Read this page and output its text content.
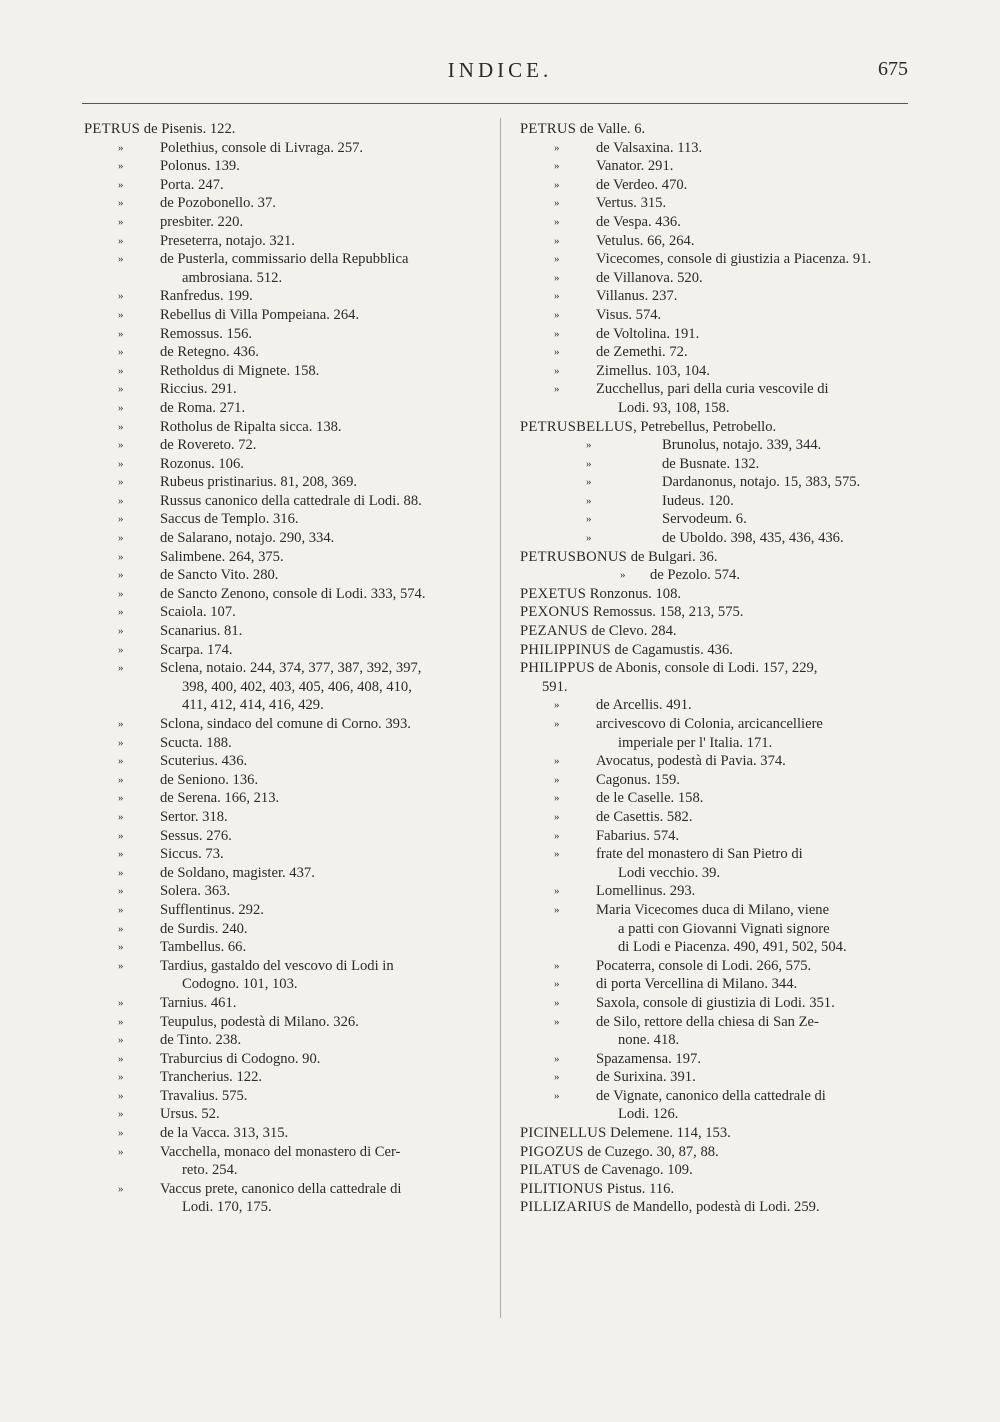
INDICE.	675
PETRUS de Pisenis. 122.
»	Polethius, console di Livraga. 257.
»	Polonus. 139.
»	Porta. 247.
»	de Pozobonello. 37.
»	presbiter. 220.
»	Preseterra, notajo. 321.
»	de Pusterla, commissario della Repubblica
ambrosiana. 512.
»	Ranfredus. 199.
»	Rebellus di Villa Pompeiana. 264.
»	Remossus. 156.
»	de Retegno. 436.
»	Retholdus di Mignete. 158.
»	Riccius. 291.
»	de Roma. 271.
»	Rotholus de Ripalta sicca. 138.
»	de Rovereto. 72.
»	Rozonus. 106.
»	Rubeus pristinarius. 81, 208, 369.
»	Russus canonico della cattedrale di Lodi. 88.
»	Saccus de Templo. 316.
»	de Salarano, notajo. 290, 334.
»	Salimbene. 264, 375.
»	de Sancto Vito. 280.
»	de Sancto Zenono, console di Lodi. 333, 574.
»	Scaiola. 107.
»	Scanarius. 81.
»	Scarpa. 174.
»	Sclena, notaio. 244, 374, 377, 387, 392, 397,
398, 400, 402, 403, 405, 406, 408, 410,
411, 412, 414, 416, 429.
»	Sclona, sindaco del comune di Corno. 393.
»	Scucta. 188.
»	Scuterius. 436.
»	de Seniono. 136.
»	de Serena. 166, 213.
»	Sertor. 318.
»	Sessus. 276.
»	Siccus. 73.
»	de Soldano, magister. 437.
»	Solera. 363.
»	Sufflentinus. 292.
»	de Surdis. 240.
»	Tambellus. 66.
»	Tardius, gastaldo del vescovo di Lodi in
Codogno. 101, 103.
»	Tarnius. 461.
»	Teupulus, podestà di Milano. 326.
»	de Tinto. 238.
»	Traburcius di Codogno. 90.
»	Trancherius. 122.
»	Travalius. 575.
»	Ursus. 52.
»	de la Vacca. 313, 315.
»	Vacchella, monaco del monastero di Cer-
reto. 254.
»	Vaccus prete, canonico della cattedrale di
Lodi. 170, 175.
PETRUS de Valle. 6.
»	de Valsaxina. 113.
»	Vanator. 291.
»	de Verdeo. 470.
»	Vertus. 315.
»	de Vespa. 436.
»	Vetulus. 66, 264.
»	Vicecomes, console di giustizia a Piacenza. 91.
»	de Villanova. 520.
»	Villanus. 237.
»	Visus. 574.
»	de Voltolina. 191.
»	de Zemethi. 72.
»	Zimellus. 103, 104.
»	Zucchellus, pari della curia vescovile di
Lodi. 93, 108, 158.
PETRUSBELLUS, Petrebellus, Petrobello.
»	Brunolus, notajo. 339, 344.
»	de Busnate. 132.
»	Dardanonus, notajo. 15, 383, 575.
»	Iudeus. 120.
»	Servodeum. 6.
»	de Uboldo. 398, 435, 436, 436.
PETRUSBONUS de Bulgari. 36.
» de Pezolo. 574.
PEXETUS Ronzonus. 108.
PEXONUS Remossus. 158, 213, 575.
PEZANUS de Clevo. 284.
PHILIPPINUS de Cagamustis. 436.
PHILIPPUS de Abonis, console di Lodi. 157, 229,
591.
»	de Arcellis. 491.
»	arcivescovo di Colonia, arcicancelliere
imperiale per l' Italia. 171.
»	Avocatus, podestà di Pavia. 374.
»	Cagonus. 159.
»	de le Caselle. 158.
»	de Casettis. 582.
»	Fabarius. 574.
»	frate del monastero di San Pietro di
Lodi vecchio. 39.
»	Lomellinus. 293.
»	Maria Vicecomes duca di Milano, viene
a patti con Giovanni Vignati signore
di Lodi e Piacenza. 490, 491, 502, 504.
»	Pocaterra, console di Lodi. 266, 575.
»	di porta Vercellina di Milano. 344.
»	Saxola, console di giustizia di Lodi. 351.
»	de Silo, rettore della chiesa di San Ze-
none. 418.
»	Spazamensa. 197.
»	de Surixina. 391.
»	de Vignate, canonico della cattedrale di
Lodi. 126.
PICINELLUS Delemene. 114, 153.
PIGOZUS de Cuzego. 30, 87, 88.
PILATUS de Cavenago. 109.
PILITIONUS Pistus. 116.
PILLIZARIUS de Mandello, podestà di Lodi. 259.
